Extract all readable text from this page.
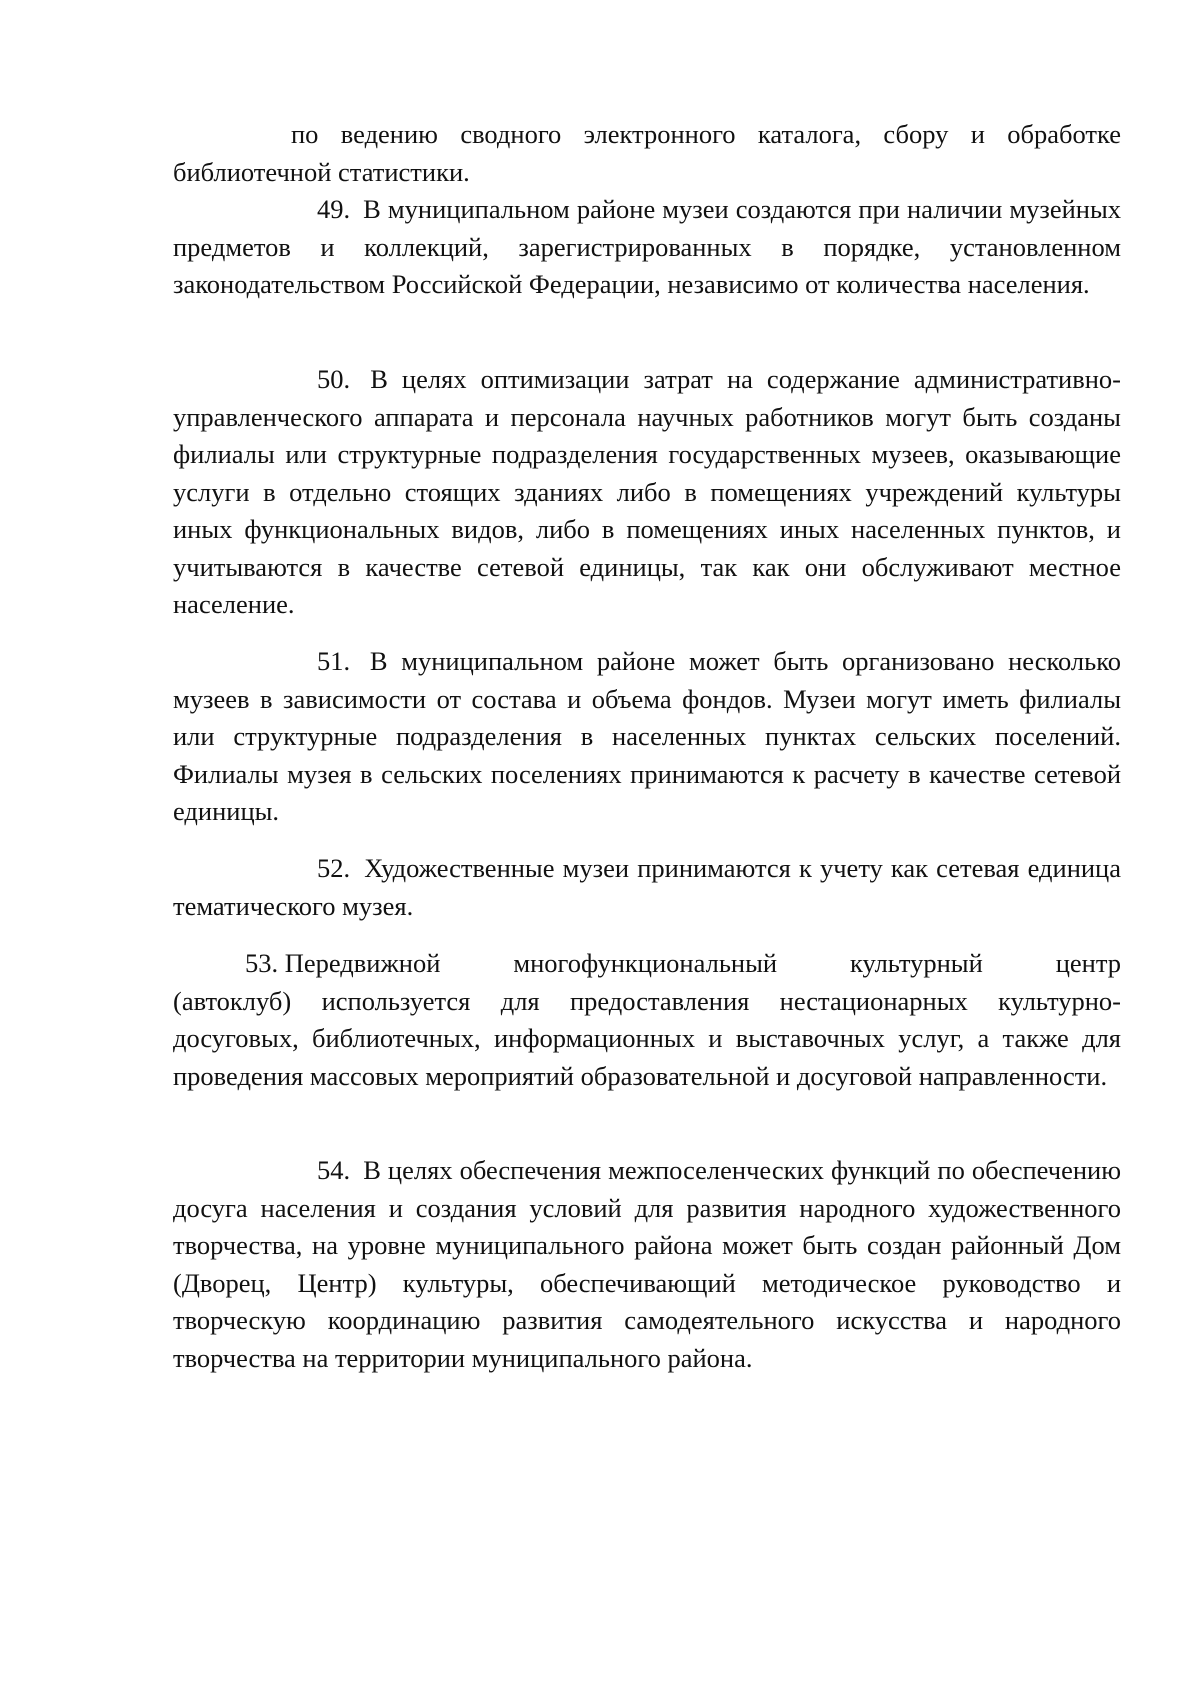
по ведению сводного электронного каталога, сбору и обработке библиотечной статистики.

49. В муниципальном районе музеи создаются при наличии музейных предметов и коллекций, зарегистрированных в порядке, установленном законодательством Российской Федерации, независимо от количества населения.

50. В целях оптимизации затрат на содержание административно-управленческого аппарата и персонала научных работников могут быть созданы филиалы или структурные подразделения государственных музеев, оказывающие услуги в отдельно стоящих зданиях либо в помещениях учреждений культуры иных функциональных видов, либо в помещениях иных населенных пунктов, и учитываются в качестве сетевой единицы, так как они обслуживают местное население.

51. В муниципальном районе может быть организовано несколько музеев в зависимости от состава и объема фондов. Музеи могут иметь филиалы или структурные подразделения в населенных пунктах сельских поселений. Филиалы музея в сельских поселениях принимаются к расчету в качестве сетевой единицы.

52. Художественные музеи принимаются к учету как сетевая единица тематического музея.

53. Передвижной	многофункциональный	культурный	центр

(автоклуб) используется для предоставления нестационарных культурно-досуговых, библиотечных, информационных и выставочных услуг, а также для проведения массовых мероприятий образовательной и досуговой направленности.

54. В целях обеспечения межпоселенческих функций по обеспечению досуга населения и создания условий для развития народного художественного творчества, на уровне муниципального района может быть создан районный Дом (Дворец, Центр) культуры, обеспечивающий методическое руководство и творческую координацию развития самодеятельного искусства и народного творчества на территории муниципального района.
